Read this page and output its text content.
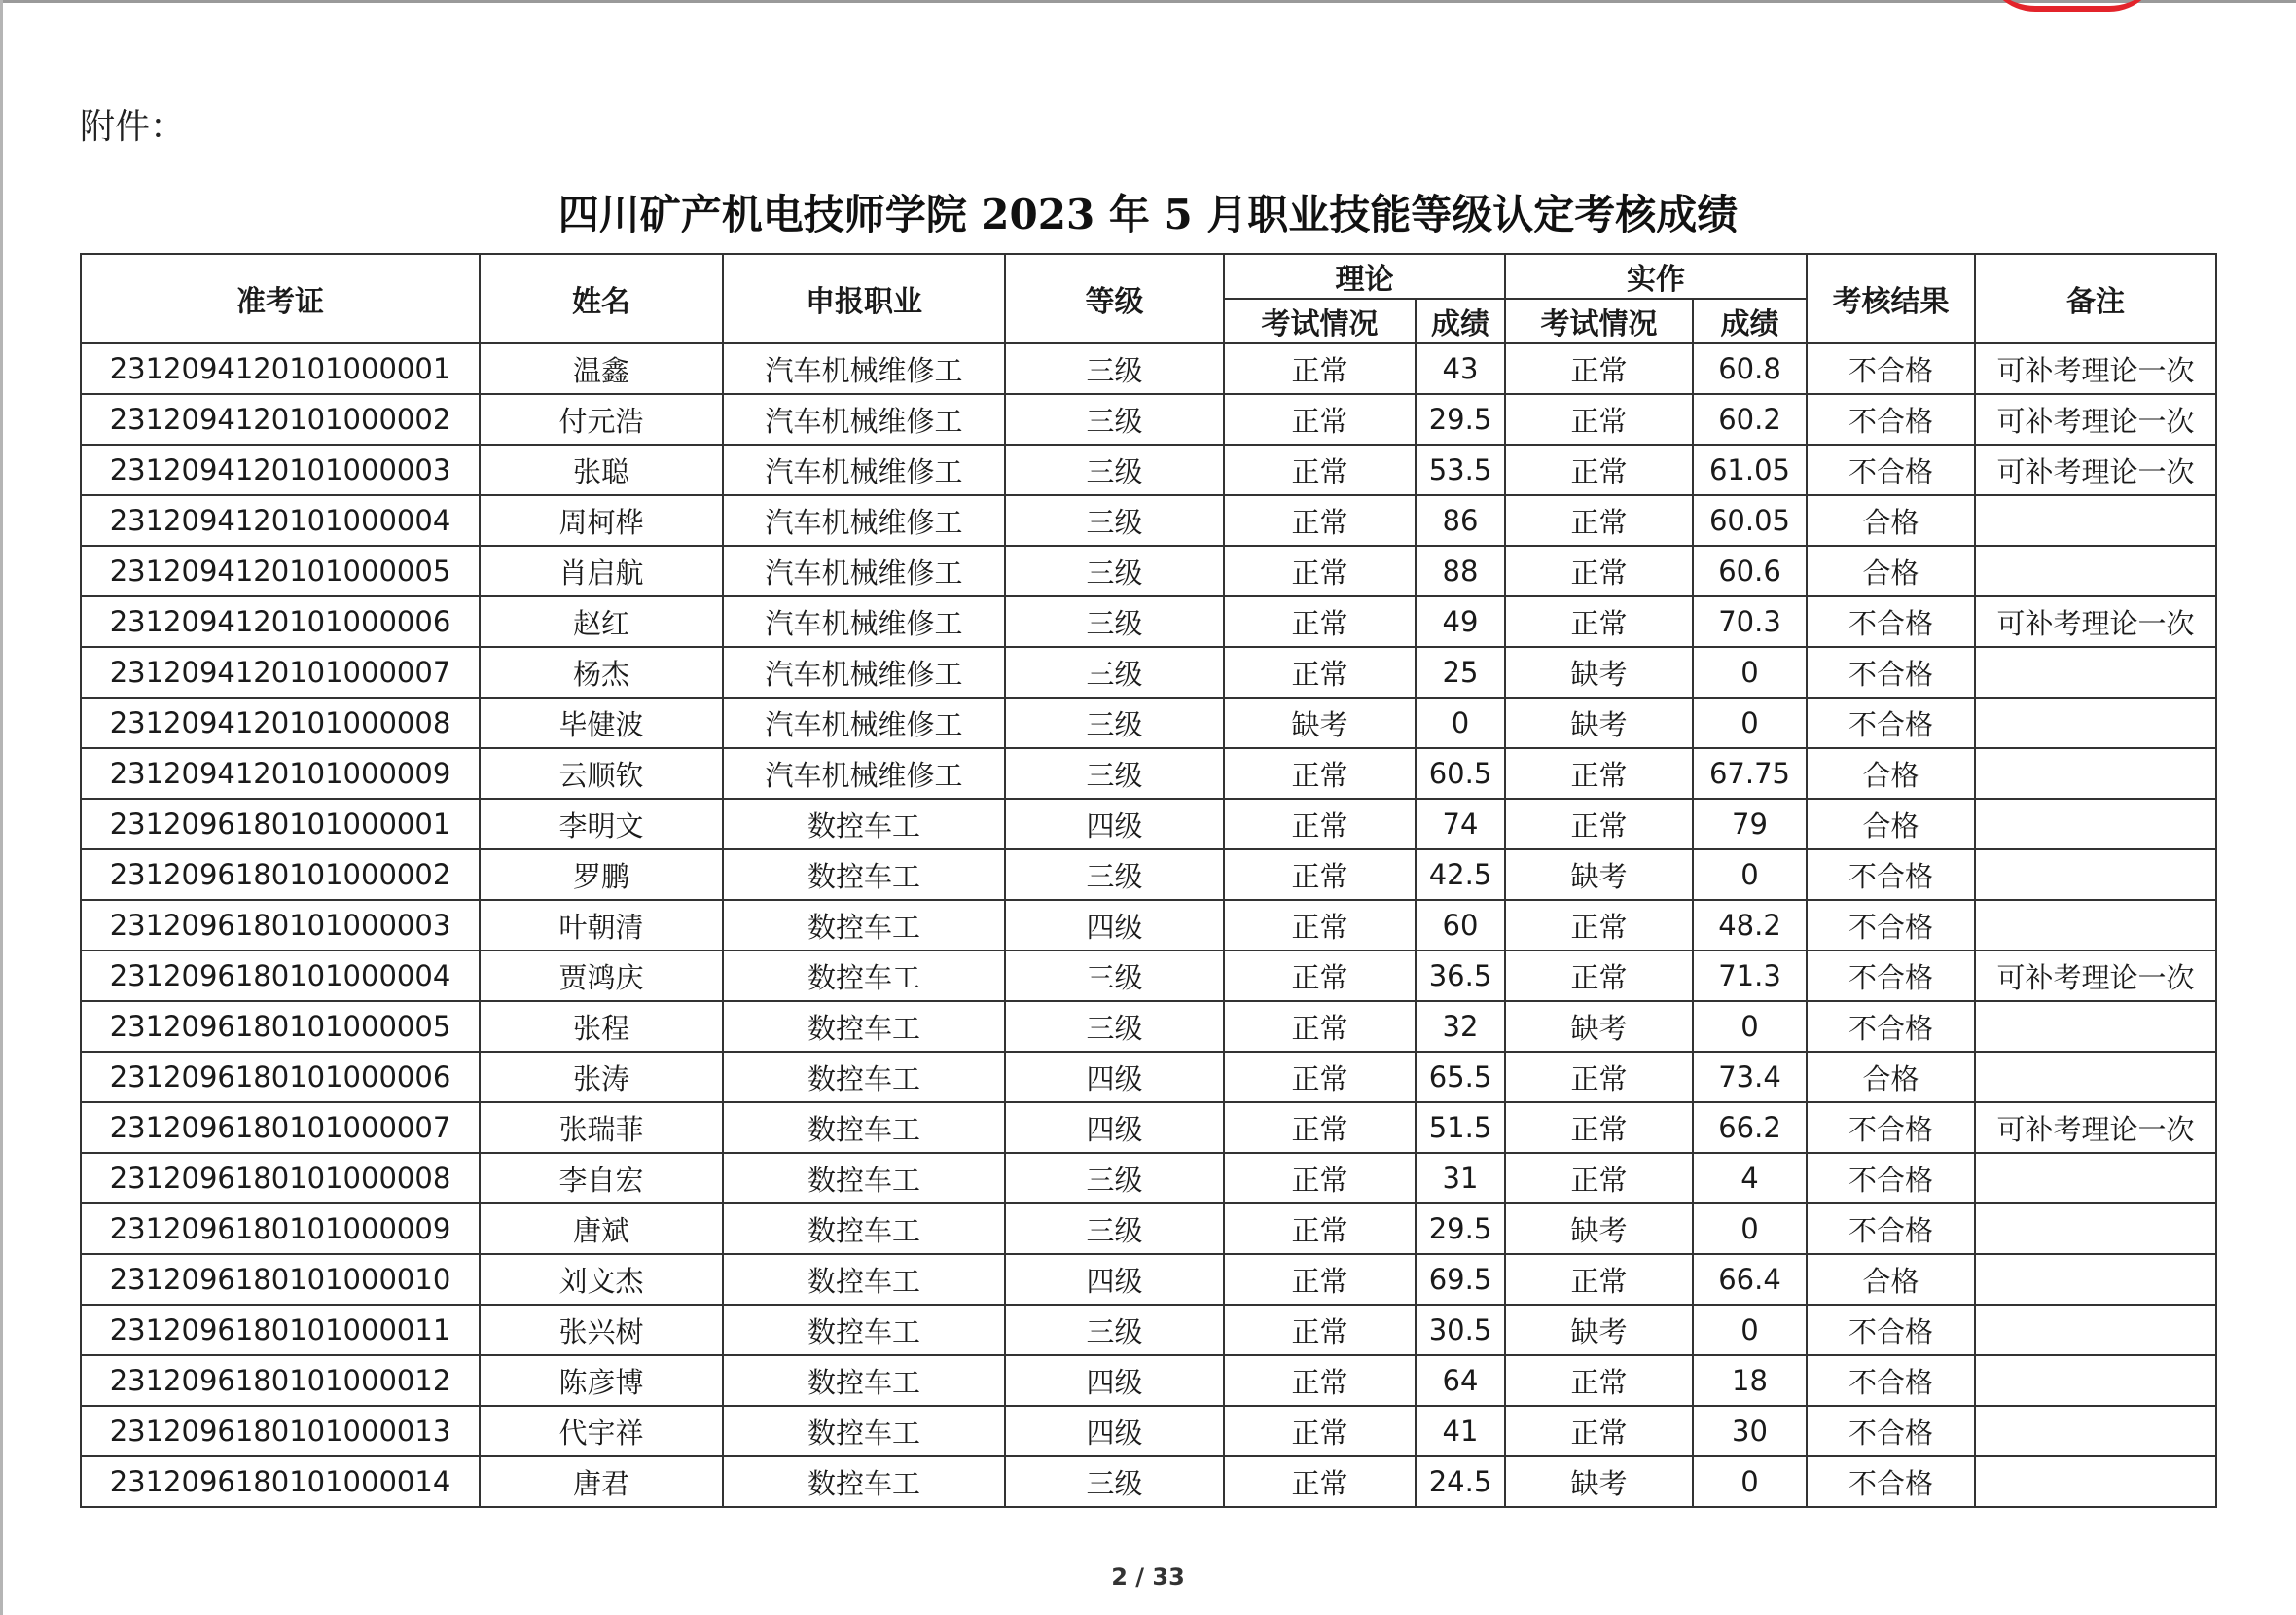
附件：
四川矿产机电技师学院 2023 年 5 月职业技能等级认定考核成绩
准考证	姓名	申报职业	等级	理论		实作		考核结果	备注
				考试情况	成绩	考试情况	成绩		
2312094120101000001	温鑫	汽车机械维修工	三级	正常	43	正常	60.8	不合格	可补考理论一次
2312094120101000002	付元浩	汽车机械维修工	三级	正常	29.5	正常	60.2	不合格	可补考理论一次
2312094120101000003	张聪	汽车机械维修工	三级	正常	53.5	正常	61.05	不合格	可补考理论一次
2312094120101000004	周柯桦	汽车机械维修工	三级	正常	86	正常	60.05	合格	
2312094120101000005	肖启航	汽车机械维修工	三级	正常	88	正常	60.6	合格	
2312094120101000006	赵红	汽车机械维修工	三级	正常	49	正常	70.3	不合格	可补考理论一次
2312094120101000007	杨杰	汽车机械维修工	三级	正常	25	缺考	0	不合格	
2312094120101000008	毕健波	汽车机械维修工	三级	缺考	0	缺考	0	不合格	
2312094120101000009	云顺钦	汽车机械维修工	三级	正常	60.5	正常	67.75	合格	
2312096180101000001	李明文	数控车工	四级	正常	74	正常	79	合格	
2312096180101000002	罗鹏	数控车工	三级	正常	42.5	缺考	0	不合格	
2312096180101000003	叶朝清	数控车工	四级	正常	60	正常	48.2	不合格	
2312096180101000004	贾鸿庆	数控车工	三级	正常	36.5	正常	71.3	不合格	可补考理论一次
2312096180101000005	张程	数控车工	三级	正常	32	缺考	0	不合格	
2312096180101000006	张涛	数控车工	四级	正常	65.5	正常	73.4	合格	
2312096180101000007	张瑞菲	数控车工	四级	正常	51.5	正常	66.2	不合格	可补考理论一次
2312096180101000008	李自宏	数控车工	三级	正常	31	正常	4	不合格	
2312096180101000009	唐斌	数控车工	三级	正常	29.5	缺考	0	不合格	
2312096180101000010	刘文杰	数控车工	四级	正常	69.5	正常	66.4	合格	
2312096180101000011	张兴树	数控车工	三级	正常	30.5	缺考	0	不合格	
2312096180101000012	陈彦博	数控车工	四级	正常	64	正常	18	不合格	
2312096180101000013	代宇祥	数控车工	四级	正常	41	正常	30	不合格	
2312096180101000014	唐君	数控车工	三级	正常	24.5	缺考	0	不合格	
2 / 33
